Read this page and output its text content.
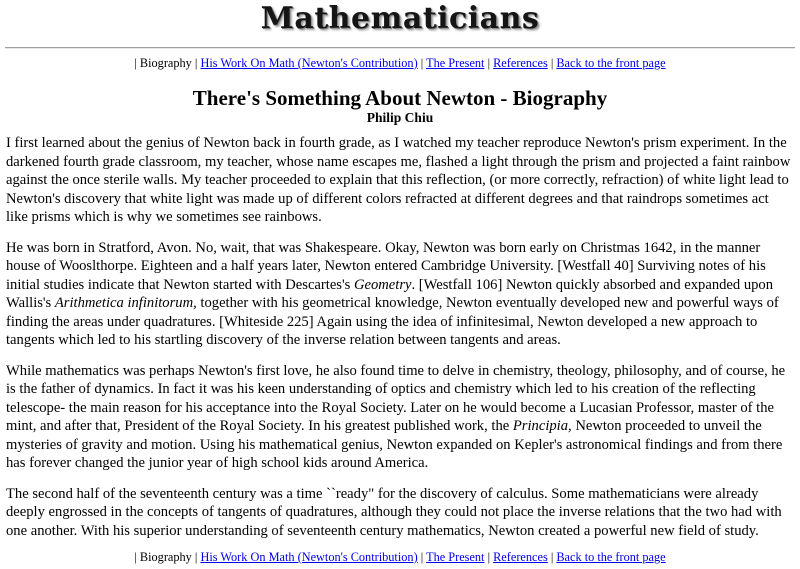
Mathematicians
| Biography | His Work On Math (Newton's Contribution) | The Present | References | Back to the front page
There's Something About Newton - Biography
Philip Chiu

I first learned about the genius of Newton back in fourth grade, as I watched my teacher reproduce Newton's prism experiment. In the darkened fourth grade classroom, my teacher, whose name escapes me, flashed a light through the prism and projected a faint rainbow against the once sterile walls. My teacher proceeded to explain that this reflection, (or more correctly, refraction) of white light lead to Newton's discovery that white light was made up of different colors refracted at different degrees and that raindrops sometimes act like prisms which is why we sometimes see rainbows.

He was born in Stratford, Avon. No, wait, that was Shakespeare. Okay, Newton was born early on Christmas 1642, in the manner house of Wooslthorpe. Eighteen and a half years later, Newton entered Cambridge University. [Westfall 40] Surviving notes of his initial studies indicate that Newton started with Descartes's Geometry. [Westfall 106] Newton quickly absorbed and expanded upon Wallis's Arithmetica infinitorum, together with his geometrical knowledge, Newton eventually developed new and powerful ways of finding the areas under quadratures. [Whiteside 225] Again using the idea of infinitesimal, Newton developed a new approach to tangents which led to his startling discovery of the inverse relation between tangents and areas.

While mathematics was perhaps Newton's first love, he also found time to delve in chemistry, theology, philosophy, and of course, he is the father of dynamics. In fact it was his keen understanding of optics and chemistry which led to his creation of the reflecting telescope- the main reason for his acceptance into the Royal Society. Later on he would become a Lucasian Professor, master of the mint, and after that, President of the Royal Society. In his greatest published work, the Principia, Newton proceeded to unveil the mysteries of gravity and motion. Using his mathematical genius, Newton expanded on Kepler's astronomical findings and from there has forever changed the junior year of high school kids around America.

The second half of the seventeenth century was a time ``ready" for the discovery of calculus. Some mathematicians were already deeply engrossed in the concepts of tangents of quadratures, although they could not place the inverse relations that the two had with one another. With his superior understanding of seventeenth century mathematics, Newton created a powerful new field of study.

| Biography | His Work On Math (Newton's Contribution) | The Present | References | Back to the front page
